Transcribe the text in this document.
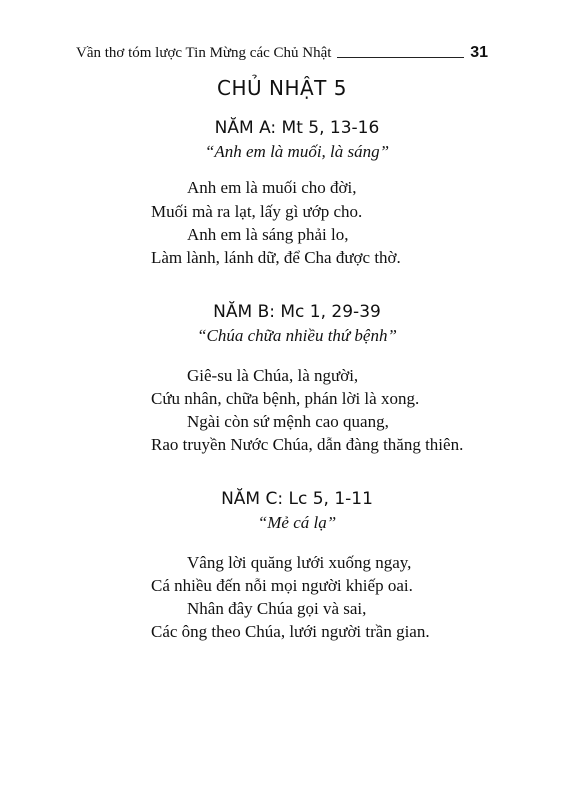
Vần thơ tóm lược Tin Mừng các Chủ Nhật	31
CHỦ NHẬT 5
NĂM A: Mt 5, 13-16
“Anh em là muối, là sáng”
Anh em là muối cho đời,
Muối mà ra lạt, lấy gì ướp cho.
Anh em là sáng phải lo,
Làm lành, lánh dữ, để Cha được thờ.
NĂM B: Mc 1, 29-39
“Chúa chữa nhiều thứ bệnh”
Giê-su là Chúa, là người,
Cứu nhân, chữa bệnh, phán lời là xong.
Ngài còn sứ mệnh cao quang,
Rao truyền Nước Chúa, dẫn đàng thăng thiên.
NĂM C: Lc 5, 1-11
“Mẻ cá lạ”
Vâng lời quăng lưới xuống ngay,
Cá nhiều đến nỗi mọi người khiếp oai.
Nhân đây Chúa gọi và sai,
Các ông theo Chúa, lưới người trần gian.
